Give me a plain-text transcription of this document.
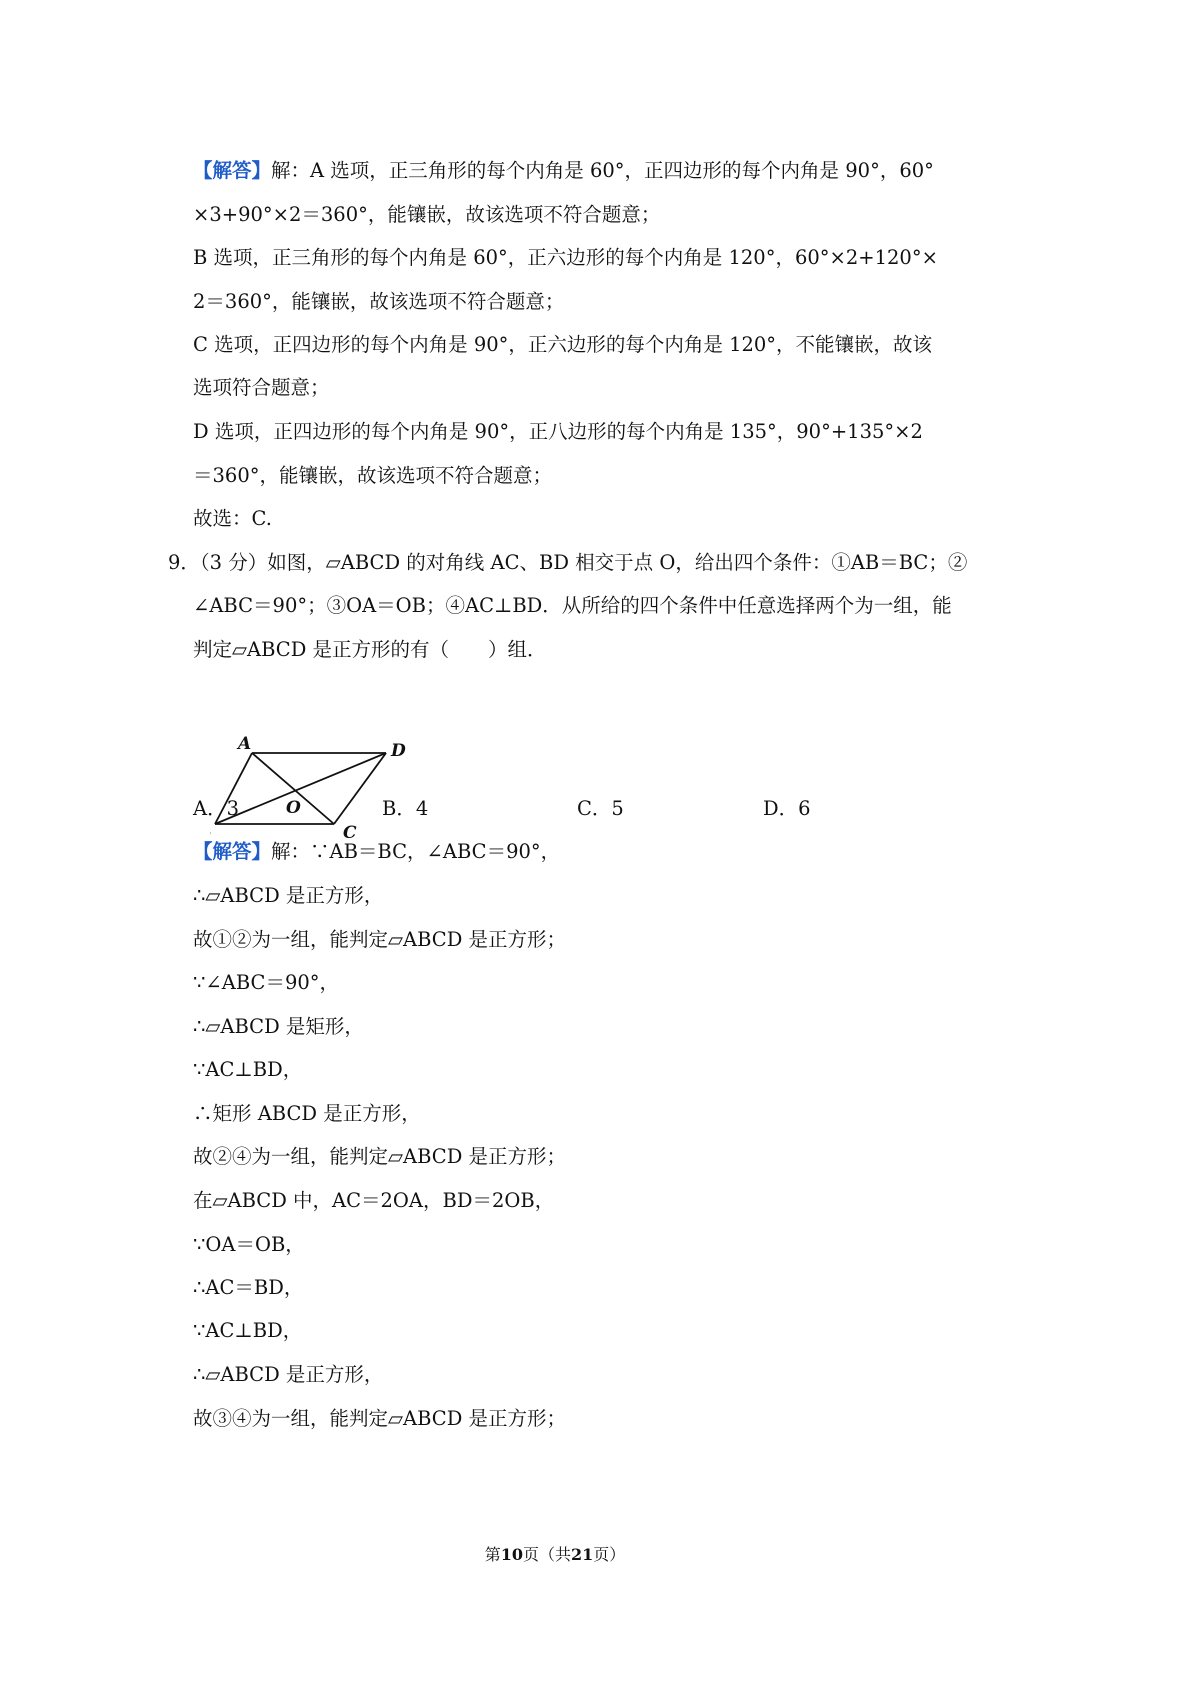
【解答】解：A 选项，正三角形的每个内角是 60°，正四边形的每个内角是 90°，60°
×3+90°×2＝360°，能镶嵌，故该选项不符合题意；
B 选项，正三角形的每个内角是 60°，正六边形的每个内角是 120°，60°×2+120°×
2＝360°，能镶嵌，故该选项不符合题意；
C 选项，正四边形的每个内角是 90°，正六边形的每个内角是 120°，不能镶嵌，故该
选项符合题意；
D 选项，正四边形的每个内角是 90°，正八边形的每个内角是 135°，90°+135°×2
＝360°，能镶嵌，故该选项不符合题意；
故选：C.
9．（3 分）如图，▱ABCD 的对角线 AC、BD 相交于点 O，给出四个条件：①AB＝BC；②
∠ABC＝90°；③OA＝OB；④AC⊥BD．从所给的四个条件中任意选择两个为一组，能
判定▱ABCD 是正方形的有（　　）组．
A	D
C
O
A．3	B．4	C．5	D．6
【解答】解：∵AB＝BC，∠ABC＝90°，
∴▱ABCD 是正方形，
故①②为一组，能判定▱ABCD 是正方形；
∵∠ABC＝90°，
∴▱ABCD 是矩形，
∵AC⊥BD，
∴矩形 ABCD 是正方形，
故②④为一组，能判定▱ABCD 是正方形；
在▱ABCD 中，AC＝2OA，BD＝2OB，
∵OA＝OB，
∴AC＝BD，
∵AC⊥BD，
∴▱ABCD 是正方形，
故③④为一组，能判定▱ABCD 是正方形；
第10页（共21页）
